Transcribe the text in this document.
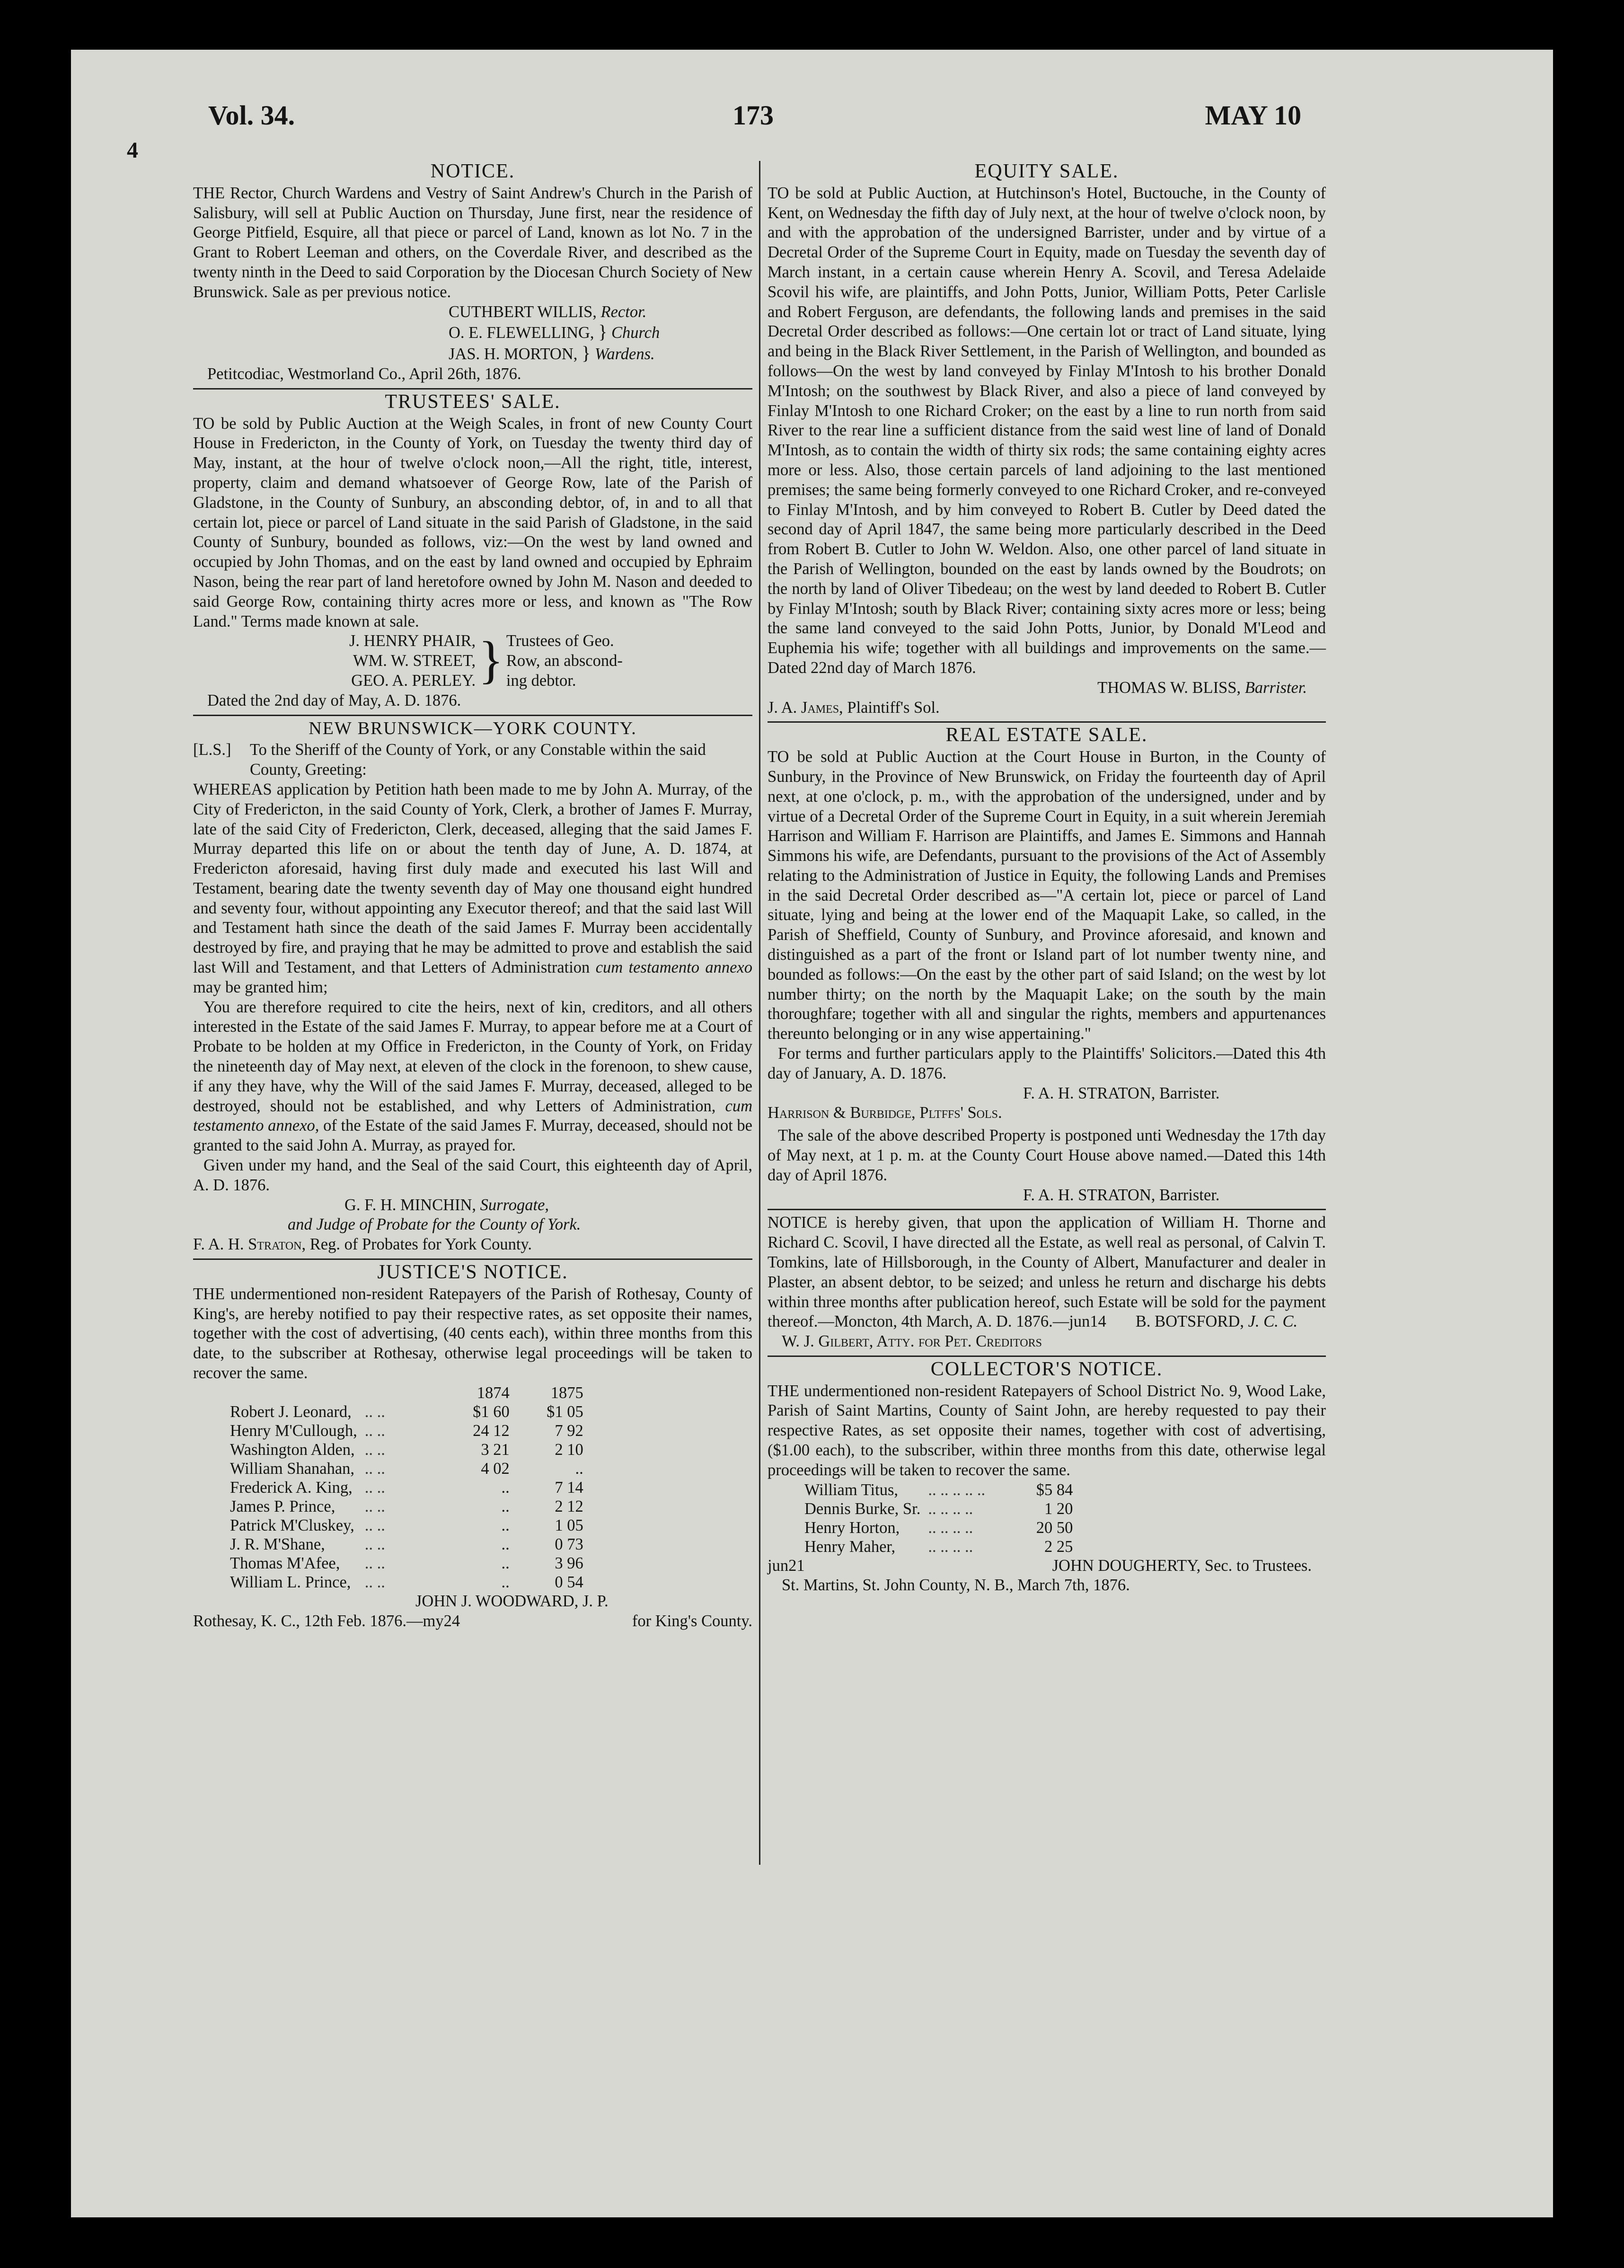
Vol. 34.	173	MAY 10
4
NOTICE.

THE Rector, Church Wardens and Vestry of Saint Andrew's Church in the Parish of Salisbury, will sell at Public Auction on Thursday, June first, near the residence of George Pitfield, Esquire, all that piece or parcel of Land, known as lot No. 7 in the Grant to Robert Leeman and others, on the Coverdale River, and described as the twenty ninth in the Deed to said Corporation by the Diocesan Church Society of New Brunswick. Sale as per previous notice.

CUTHBERT WILLIS, Rector.
O. E. FLEWELLING, } Church
JAS. H. MORTON, } Wardens.

Petitcodiac, Westmorland Co., April 26th, 1876.

TRUSTEES' SALE.

TO be sold by Public Auction at the Weigh Scales, in front of new County Court House in Fredericton, in the County of York, on Tuesday the twenty third day of May, instant, at the hour of twelve o'clock noon,—All the right, title, interest, property, claim and demand whatsoever of George Row, late of the Parish of Gladstone, in the County of Sunbury, an absconding debtor, of, in and to all that certain lot, piece or parcel of Land situate in the said Parish of Gladstone, in the said County of Sunbury, bounded as follows, viz:—On the west by land owned and occupied by John Thomas, and on the east by land owned and occupied by Ephraim Nason, being the rear part of land heretofore owned by John M. Nason and deeded to said George Row, containing thirty acres more or less, and known as "The Row Land." Terms made known at sale.

J. HENRY PHAIR,
WM. W. STREET,
GEO. A. PERLEY. } Trustees of Geo.
Row, an abscond-
ing debtor.

Dated the 2nd day of May, A. D. 1876.

NEW BRUNSWICK—YORK COUNTY.
[L.S.]	To the Sheriff of the County of York, or any Constable within the said County, Greeting:

WHEREAS application by Petition hath been made to me by John A. Murray, of the City of Fredericton, in the said County of York, Clerk, a brother of James F. Murray, late of the said City of Fredericton, Clerk, deceased, alleging that the said James F. Murray departed this life on or about the tenth day of June, A. D. 1874, at Fredericton aforesaid, having first duly made and executed his last Will and Testament, bearing date the twenty seventh day of May one thousand eight hundred and seventy four, without appointing any Executor thereof; and that the said last Will and Testament hath since the death of the said James F. Murray been accidentally destroyed by fire, and praying that he may be admitted to prove and establish the said last Will and Testament, and that Letters of Administration cum testamento annexo may be granted him;

You are therefore required to cite the heirs, next of kin, creditors, and all others interested in the Estate of the said James F. Murray, to appear before me at a Court of Probate to be holden at my Office in Fredericton, in the County of York, on Friday the nineteenth day of May next, at eleven of the clock in the forenoon, to shew cause, if any they have, why the Will of the said James F. Murray, deceased, alleged to be destroyed, should not be established, and why Letters of Administration, cum testamento annexo, of the Estate of the said James F. Murray, deceased, should not be granted to the said John A. Murray, as prayed for.

Given under my hand, and the Seal of the said Court, this eighteenth day of April, A. D. 1876.

G. F. H. MINCHIN, Surrogate,
and Judge of Probate for the County of York.
F. A. H. Straton, Reg. of Probates for York County.
JUSTICE'S NOTICE.

THE undermentioned non-resident Ratepayers of the Parish of Rothesay, County of King's, are hereby notified to pay their respective rates, as set opposite their names, together with the cost of advertising, (40 cents each), within three months from this date, to the subscriber at Rothesay, otherwise legal proceedings will be taken to recover the same.

		1874	1875
Robert J. Leonard,	.. ..	$1 60	$1 05
Henry M'Cullough,	.. ..	24 12	7 92
Washington Alden,	.. ..	3 21	2 10
William Shanahan,	.. ..	4 02	..
Frederick A. King,	.. ..	..	7 14
James P. Prince,	.. ..	..	2 12
Patrick M'Cluskey,	.. ..	..	1 05
J. R. M'Shane,	.. ..	..	0 73
Thomas M'Afee,	.. ..	..	3 96
William L. Prince,	.. ..	..	0 54
JOHN J. WOODWARD, J. P.
Rothesay, K. C., 12th Feb. 1876.—my24	for King's County.
EQUITY SALE.

TO be sold at Public Auction, at Hutchinson's Hotel, Buctouche, in the County of Kent, on Wednesday the fifth day of July next, at the hour of twelve o'clock noon, by and with the approbation of the undersigned Barrister, under and by virtue of a Decretal Order of the Supreme Court in Equity, made on Tuesday the seventh day of March instant, in a certain cause wherein Henry A. Scovil, and Teresa Adelaide Scovil his wife, are plaintiffs, and John Potts, Junior, William Potts, Peter Carlisle and Robert Ferguson, are defendants, the following lands and premises in the said Decretal Order described as follows:—One certain lot or tract of Land situate, lying and being in the Black River Settlement, in the Parish of Wellington, and bounded as follows—On the west by land conveyed by Finlay M'Intosh to his brother Donald M'Intosh; on the southwest by Black River, and also a piece of land conveyed by Finlay M'Intosh to one Richard Croker; on the east by a line to run north from said River to the rear line a sufficient distance from the said west line of land of Donald M'Intosh, as to contain the width of thirty six rods; the same containing eighty acres more or less. Also, those certain parcels of land adjoining to the last mentioned premises; the same being formerly conveyed to one Richard Croker, and re-conveyed to Finlay M'Intosh, and by him conveyed to Robert B. Cutler by Deed dated the second day of April 1847, the same being more particularly described in the Deed from Robert B. Cutler to John W. Weldon. Also, one other parcel of land situate in the Parish of Wellington, bounded on the east by lands owned by the Boudrots; on the north by land of Oliver Tibedeau; on the west by land deeded to Robert B. Cutler by Finlay M'Intosh; south by Black River; containing sixty acres more or less; being the same land conveyed to the said John Potts, Junior, by Donald M'Leod and Euphemia his wife; together with all buildings and improvements on the same.—Dated 22nd day of March 1876.

THOMAS W. BLISS, Barrister.
J. A. James, Plaintiff's Sol.
REAL ESTATE SALE.

TO be sold at Public Auction at the Court House in Burton, in the County of Sunbury, in the Province of New Brunswick, on Friday the fourteenth day of April next, at one o'clock, p. m., with the approbation of the undersigned, under and by virtue of a Decretal Order of the Supreme Court in Equity, in a suit wherein Jeremiah Harrison and William F. Harrison are Plaintiffs, and James E. Simmons and Hannah Simmons his wife, are Defendants, pursuant to the provisions of the Act of Assembly relating to the Administration of Justice in Equity, the following Lands and Premises in the said Decretal Order described as—"A certain lot, piece or parcel of Land situate, lying and being at the lower end of the Maquapit Lake, so called, in the Parish of Sheffield, County of Sunbury, and Province aforesaid, and known and distinguished as a part of the front or Island part of lot number twenty nine, and bounded as follows:—On the east by the other part of said Island; on the west by lot number thirty; on the north by the Maquapit Lake; on the south by the main thoroughfare; together with all and singular the rights, members and appurtenances thereunto belonging or in any wise appertaining."

For terms and further particulars apply to the Plaintiffs' Solicitors.—Dated this 4th day of January, A. D. 1876.

F. A. H. STRATON, Barrister.
Harrison & Burbidge, Pltffs' Sols.

The sale of the above described Property is postponed unti Wednesday the 17th day of May next, at 1 p. m. at the County Court House above named.—Dated this 14th day of April 1876.

F. A. H. STRATON, Barrister.

NOTICE is hereby given, that upon the application of William H. Thorne and Richard C. Scovil, I have directed all the Estate, as well real as personal, of Calvin T. Tomkins, late of Hillsborough, in the County of Albert, Manufacturer and dealer in Plaster, an absent debtor, to be seized; and unless he return and discharge his debts within three months after publication hereof, such Estate will be sold for the payment thereof.—Moncton, 4th March, A. D. 1876.—jun14	B. BOTSFORD, J. C. C.
W. J. Gilbert, Atty. for Pet. Creditors
COLLECTOR'S NOTICE.

THE undermentioned non-resident Ratepayers of School District No. 9, Wood Lake, Parish of Saint Martins, County of Saint John, are hereby requested to pay their respective Rates, as set opposite their names, together with cost of advertising, ($1.00 each), to the subscriber, within three months from this date, otherwise legal proceedings will be taken to recover the same.

William Titus,	.. .. .. .. ..	$5 84
Dennis Burke, Sr.	.. .. .. ..	1 20
Henry Horton,	.. .. .. ..	20 50
Henry Maher,	.. .. .. ..	2 25
jun21	JOHN DOUGHERTY, Sec. to Trustees.
St. Martins, St. John County, N. B., March 7th, 1876.
